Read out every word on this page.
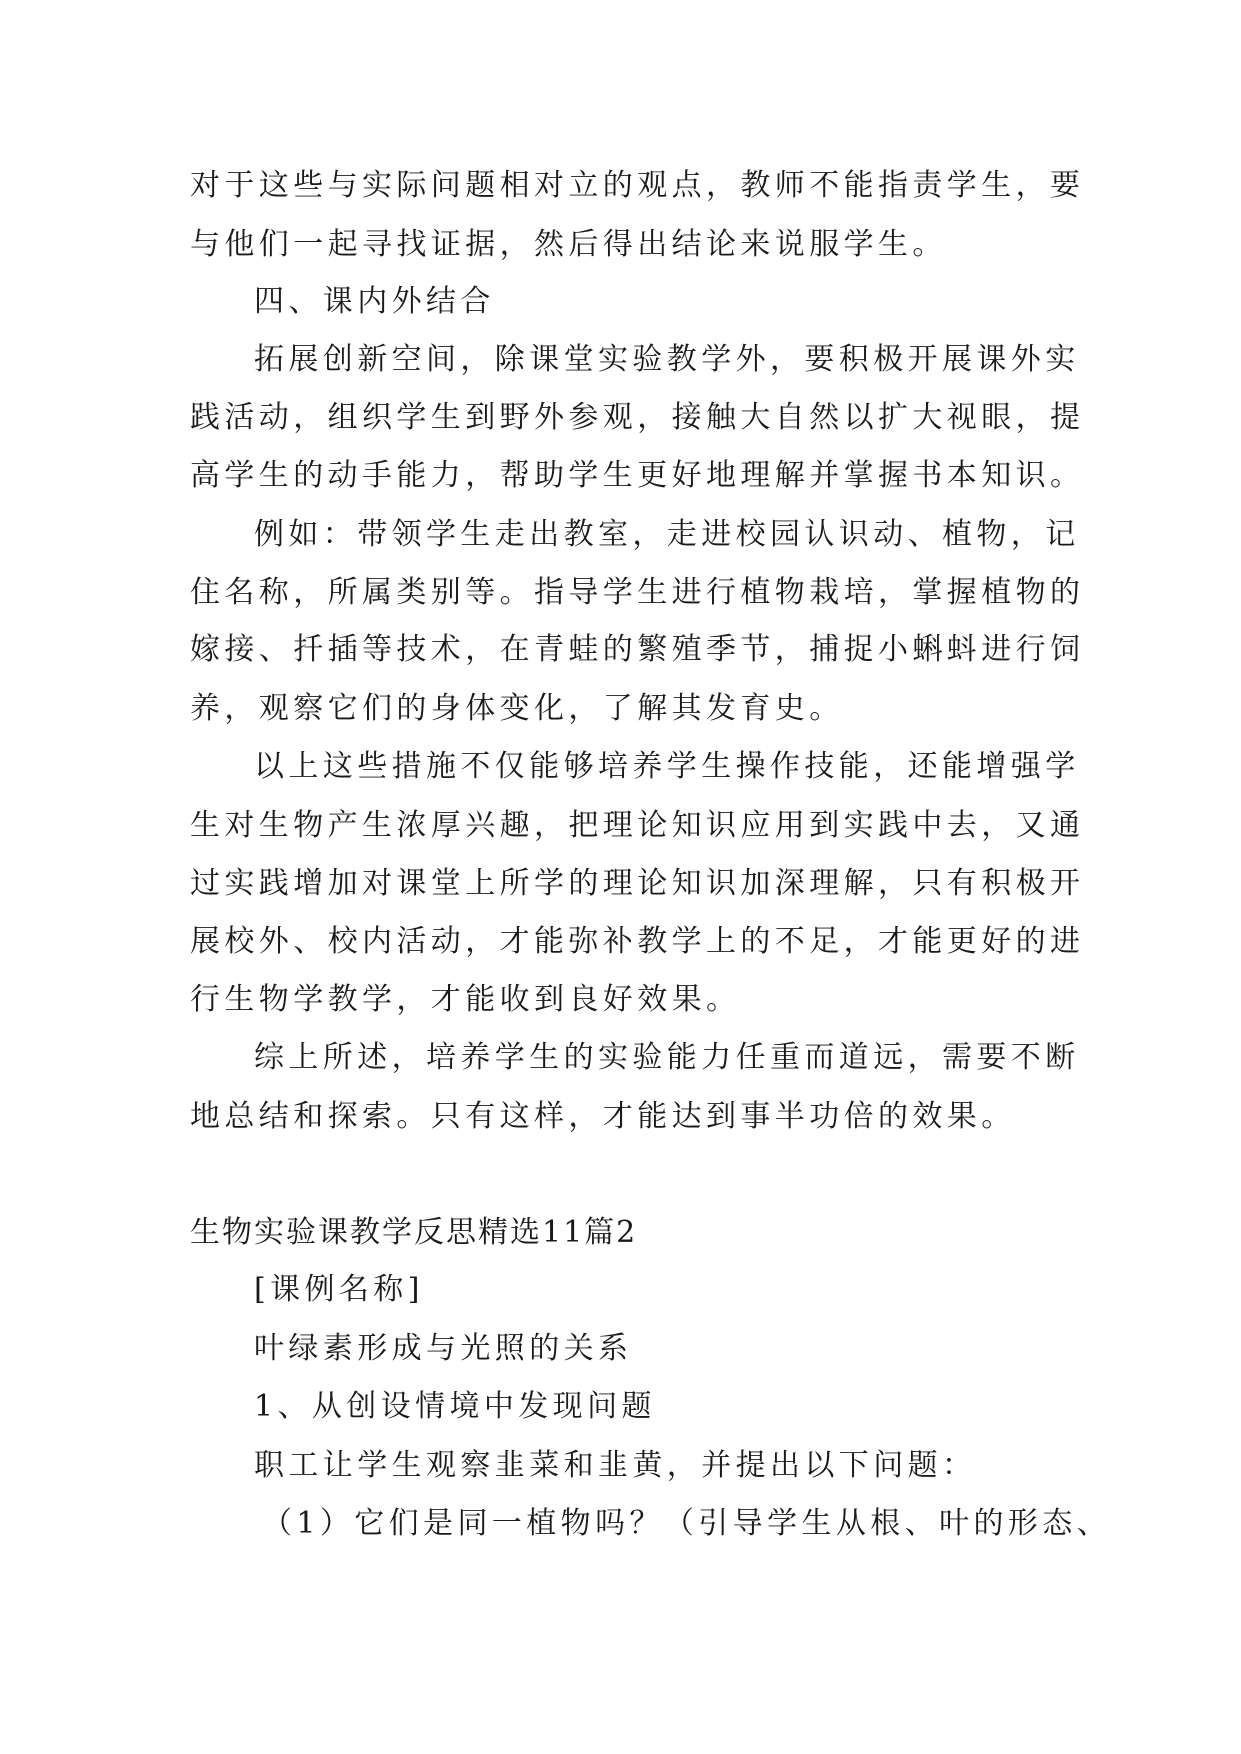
对于这些与实际问题相对立的观点，教师不能指责学生，要

与他们一起寻找证据，然后得出结论来说服学生。

四、课内外结合

拓展创新空间，除课堂实验教学外，要积极开展课外实

践活动，组织学生到野外参观，接触大自然以扩大视眼，提

高学生的动手能力，帮助学生更好地理解并掌握书本知识。

例如：带领学生走出教室，走进校园认识动、植物，记

住名称，所属类别等。指导学生进行植物栽培，掌握植物的

嫁接、扦插等技术，在青蛙的繁殖季节，捕捉小蝌蚪进行饲

养，观察它们的身体变化，了解其发育史。

以上这些措施不仅能够培养学生操作技能，还能增强学

生对生物产生浓厚兴趣，把理论知识应用到实践中去，又通

过实践增加对课堂上所学的理论知识加深理解，只有积极开

展校外、校内活动，才能弥补教学上的不足，才能更好的进

行生物学教学，才能收到良好效果。

综上所述，培养学生的实验能力任重而道远，需要不断

地总结和探索。只有这样，才能达到事半功倍的效果。

生物实验课教学反思精选11篇2

[课例名称]

叶绿素形成与光照的关系

1、从创设情境中发现问题

职工让学生观察韭菜和韭黄，并提出以下问题：

（1）它们是同一植物吗？（引导学生从根、叶的形态、
